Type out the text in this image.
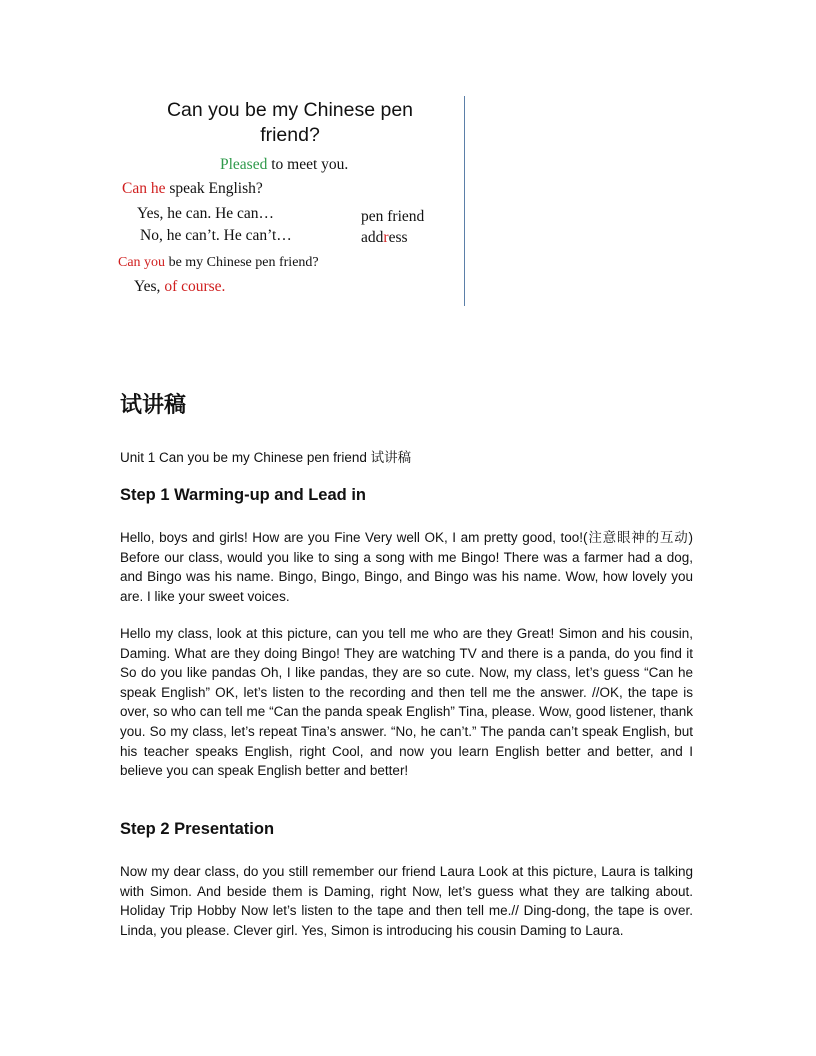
Can you be my Chinese pen friend?
Pleased to meet you.
Can he speak English?
Yes, he can. He can…
No, he can’t. He can’t…
pen friend
address
Can you be my Chinese pen friend?
Yes, of course.
试讲稿
Unit 1 Can you be my Chinese pen friend 试讲稿
Step 1 Warming-up and Lead in
Hello, boys and girls! How are you Fine Very well OK, I am pretty good, too!(注意眼神的互动) Before our class, would you like to sing a song with me Bingo! There was a farmer had a dog, and Bingo was his name. Bingo, Bingo, Bingo, and Bingo was his name. Wow, how lovely you are. I like your sweet voices.
Hello my class, look at this picture, can you tell me who are they Great! Simon and his cousin, Daming. What are they doing Bingo! They are watching TV and there is a panda, do you find it So do you like pandas Oh, I like pandas, they are so cute. Now, my class, let’s guess “Can he speak English” OK, let’s listen to the recording and then tell me the answer. //OK, the tape is over, so who can tell me “Can the panda speak English” Tina, please. Wow, good listener, thank you. So my class, let’s repeat Tina’s answer. “No, he can’t.” The panda can’t speak English, but his teacher speaks English, right Cool, and now you learn English better and better, and I believe you can speak English better and better!
Step 2 Presentation
Now my dear class, do you still remember our friend Laura Look at this picture, Laura is talking with Simon. And beside them is Daming, right Now, let’s guess what they are talking about. Holiday Trip Hobby Now let’s listen to the tape and then tell me.// Ding-dong, the tape is over. Linda, you please. Clever girl. Yes, Simon is introducing his cousin Daming to Laura.
